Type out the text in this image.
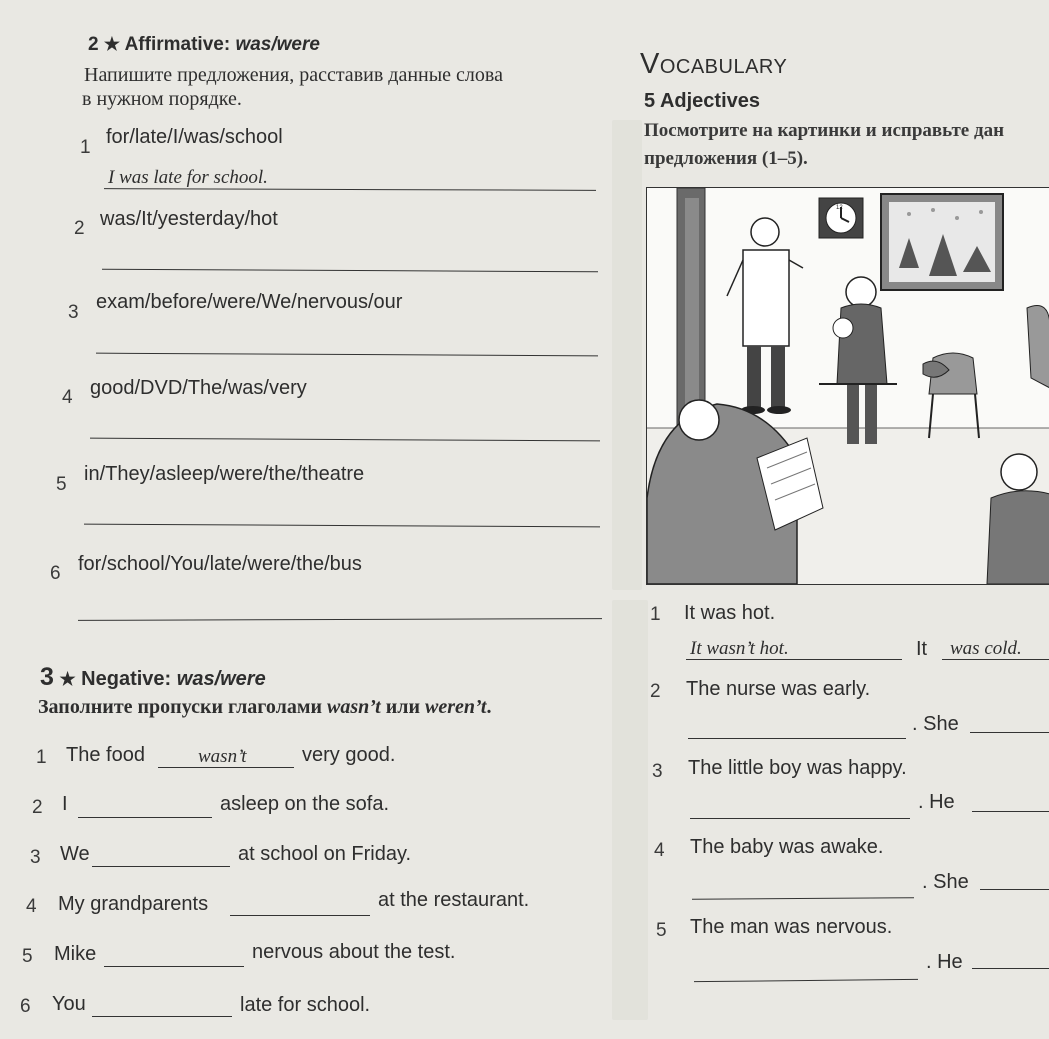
2 ★ Affirmative: was/were
Напишите предложения, расставив данные слова
в нужном порядке.
1 for/late/I/was/school
I was late for school.
2 was/It/yesterday/hot
3 exam/before/were/We/nervous/our
4 good/DVD/The/was/very
5 in/They/asleep/were/the/theatre
6 for/school/You/late/were/the/bus
3 ★ Negative: was/were
Заполните пропуски глаголами wasn’t или weren’t.
1 The food	wasn’t	very good.
2 I	asleep on the sofa.
3 We	at school on Friday.
4 My grandparents	at the restaurant.
5 Mike	nervous about the test.
6 You	late for school.
Vocabulary
5 Adjectives
Посмотрите на картинки и исправьте дан
предложения (1–5).
12
1 It was hot.
It wasn’t hot.	It was cold.
2 The nurse was early.
. She
3 The little boy was happy.
. He
4 The baby was awake.
. She
5 The man was nervous.
. He
